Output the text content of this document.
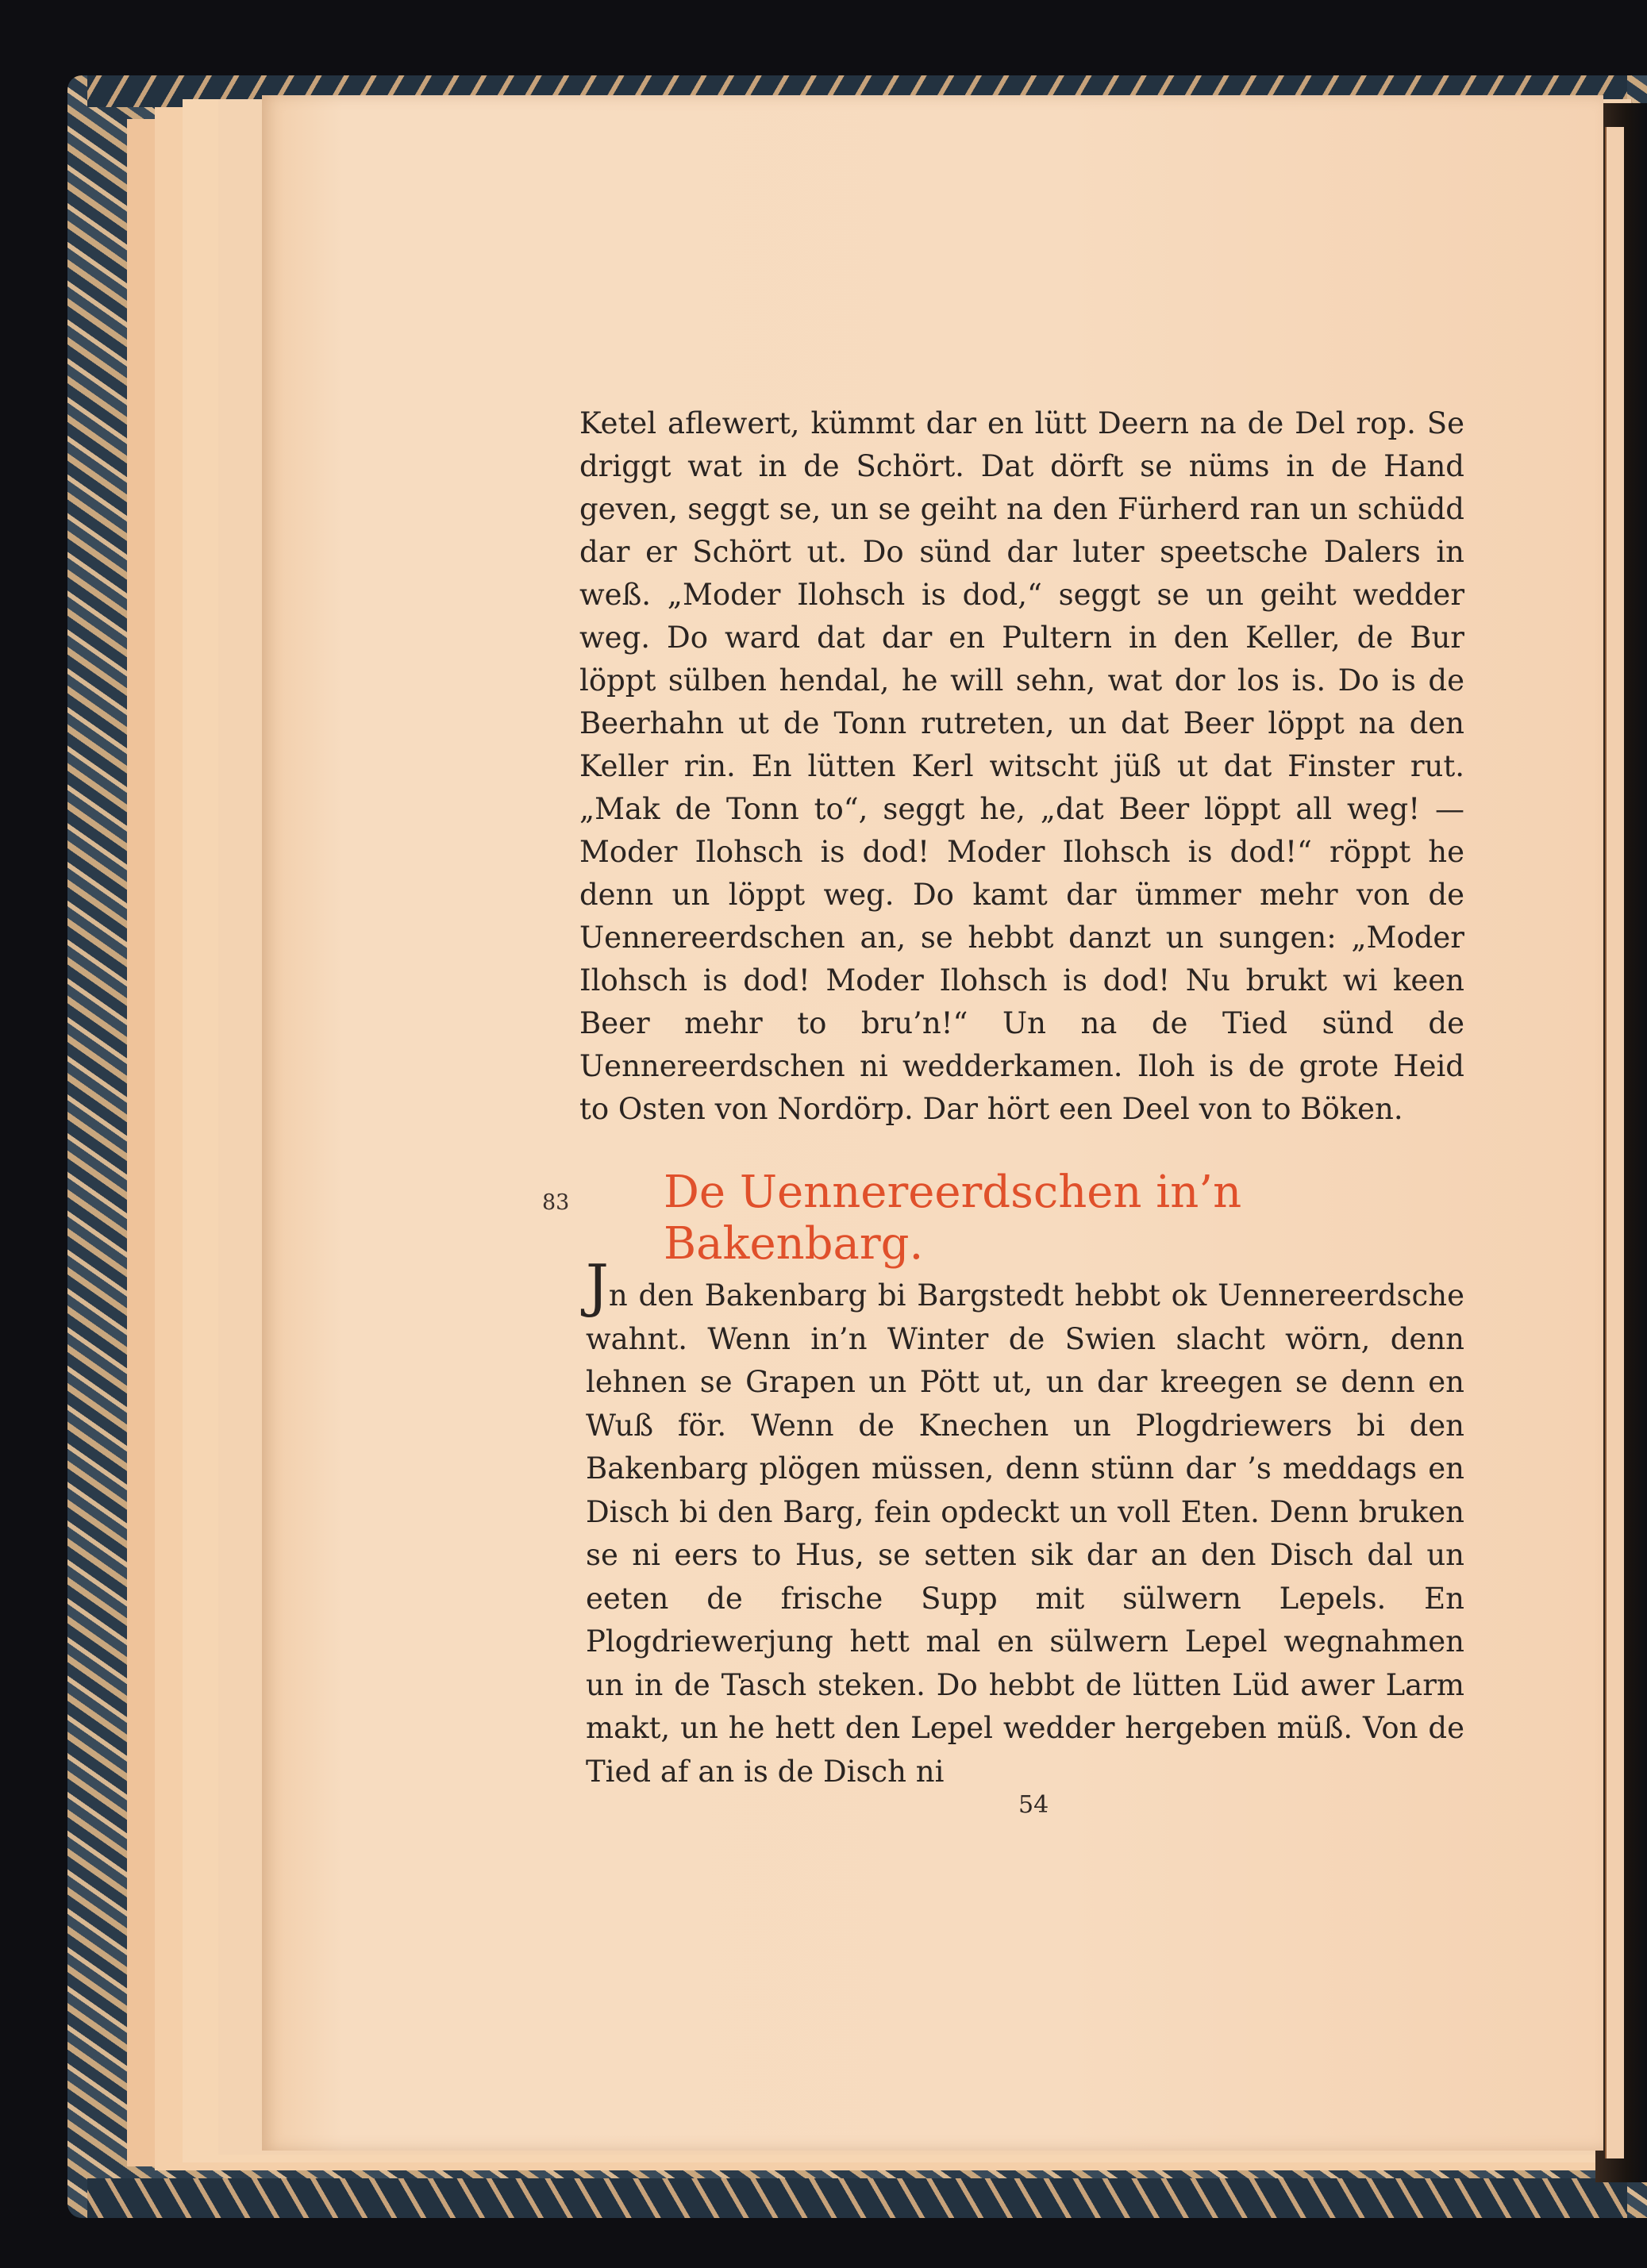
Ketel aflewert, kümmt dar en lütt Deern na de Del rop. Se driggt wat in de Schört. Dat dörft se nüms in de Hand geven, seggt se, un se geiht na den Fürherd ran un schüdd dar er Schört ut. Do sünd dar luter speetsche Dalers in weß. „Moder Ilohsch is dod,“ seggt se un geiht wedder weg. Do ward dat dar en Pultern in den Keller, de Bur löppt sülben hendal, he will sehn, wat dor los is. Do is de Beerhahn ut de Tonn rutreten, un dat Beer löppt na den Keller rin. En lütten Kerl witscht jüß ut dat Finster rut. „Mak de Tonn to“, seggt he, „dat Beer löppt all weg! — Moder Ilohsch is dod! Moder Ilohsch is dod!“ röppt he denn un löppt weg. Do kamt dar ümmer mehr von de Uennereerdschen an, se hebbt danzt un sungen: „Moder Ilohsch is dod! Moder Ilohsch is dod! Nu brukt wi keen Beer mehr to bru’n!“ Un na de Tied sünd de Uennereerdschen ni wedderkamen. Iloh is de grote Heid to Osten von Nordörp. Dar hört een Deel von to Böken.

83 De Uennereerdschen in’n Bakenbarg.

Jn den Bakenbarg bi Bargstedt hebbt ok Uennereerdsche wahnt. Wenn in’n Winter de Swien slacht wörn, denn lehnen se Grapen un Pött ut, un dar kreegen se denn en Wuß för. Wenn de Knechen un Plogdriewers bi den Bakenbarg plögen müssen, denn stünn dar ’s meddags en Disch bi den Barg, fein opdeckt un voll Eten. Denn bruken se ni eers to Hus, se setten sik dar an den Disch dal un eeten de frische Supp mit sülwern Lepels. En Plogdriewerjung hett mal en sülwern Lepel wegnahmen un in de Tasch steken. Do hebbt de lütten Lüd awer Larm makt, un he hett den Lepel wedder hergeben müß. Von de Tied af an is de Disch ni

54
